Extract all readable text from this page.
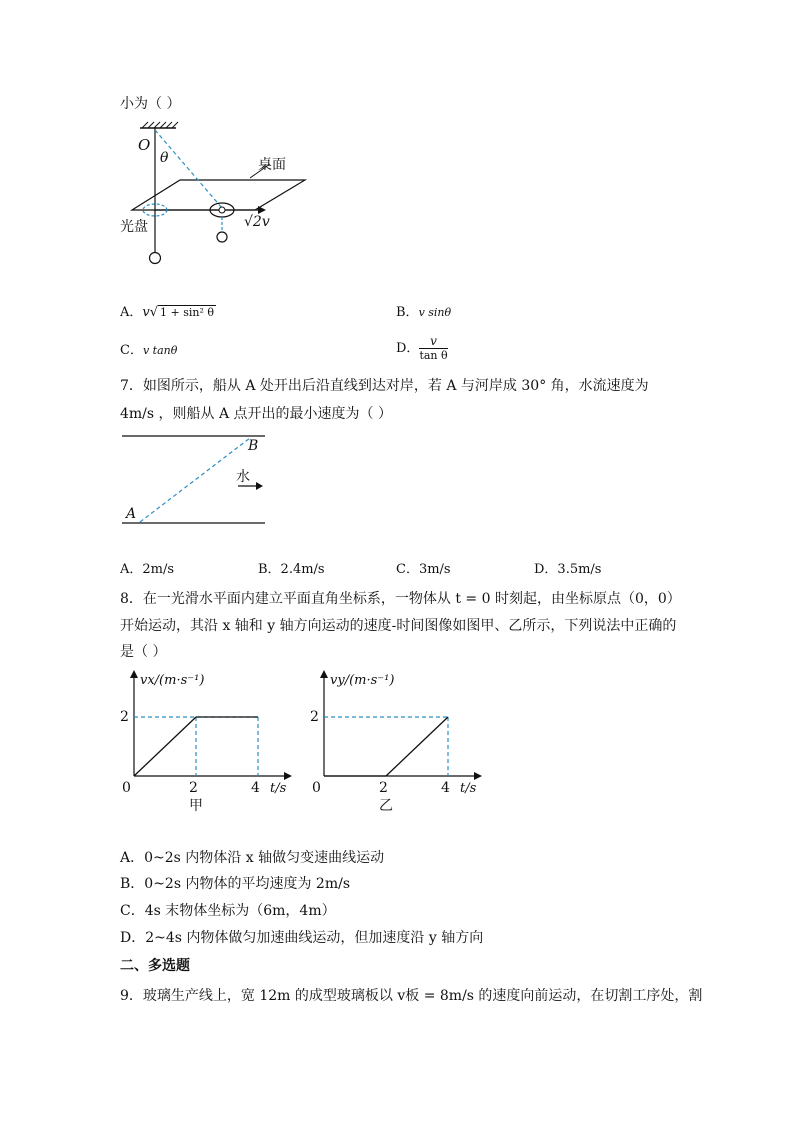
小为（ ）
O
θ	桌面
光盘	√2v
A．v√ 1 + sin² θ	B．v sinθ
C．v tanθ	D． $\frac{v}{\text{tan θ}}$
7．如图所示，船从 A 处开出后沿直线到达对岸，若 A 与河岸成 30° 角，水流速度为
4m/s ，则船从 A 点开出的最小速度为（ ）
B
水
A
A．2m/s	B．2.4m/s	C．3m/s	D．3.5m/s
8．在一光滑水平面内建立平面直角坐标系，一物体从 t = 0 时刻起，由坐标原点（0，0）
开始运动，其沿 x 轴和 y 轴方向运动的速度-时间图像如图甲、乙所示，下列说法中正确的
是（ ）
vx/(m·s⁻¹)
0	2	4
2
t/s
甲
vy/(m·s⁻¹)
0	2	4
2
t/s
乙
A．0~2s 内物体沿 x 轴做匀变速曲线运动
B．0~2s 内物体的平均速度为 2m/s
C．4s 末物体坐标为（6m，4m）
D．2~4s 内物体做匀加速曲线运动，但加速度沿 y 轴方向
二、多选题
9．玻璃生产线上，宽 12m 的成型玻璃板以 v板 = 8m/s 的速度向前运动，在切割工序处，割
